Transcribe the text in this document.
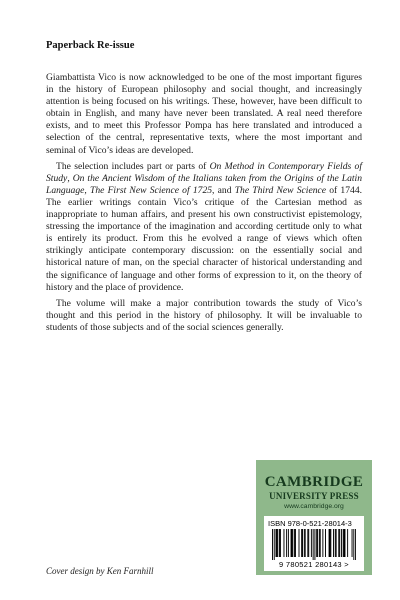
Paperback Re-issue

Giambattista Vico is now acknowledged to be one of the most important figures in the history of European philosophy and social thought, and increasingly attention is being focused on his writings. These, however, have been difficult to obtain in English, and many have never been translated. A real need therefore exists, and to meet this Professor Pompa has here translated and introduced a selection of the central, representative texts, where the most important and seminal of Vico’s ideas are developed.

The selection includes part or parts of On Method in Contemporary Fields of Study, On the Ancient Wisdom of the Italians taken from the Origins of the Latin Language, The First New Science of 1725, and The Third New Science of 1744. The earlier writings contain Vico’s critique of the Cartesian method as inappropriate to human affairs, and present his own constructivist epistemology, stressing the importance of the imagination and according certitude only to what is entirely its product. From this he evolved a range of views which often strikingly anticipate contemporary discussion: on the essentially social and historical nature of man, on the special character of historical understanding and the significance of language and other forms of expression to it, on the theory of history and the place of providence.

The volume will make a major contribution towards the study of Vico’s thought and this period in the history of philosophy. It will be invaluable to students of those subjects and of the social sciences generally.

CAMBRIDGE
UNIVERSITY PRESS
www.cambridge.org
ISBN 978-0-521-28014-3
9 780521 280143 >
Cover design by Ken Farnhill
